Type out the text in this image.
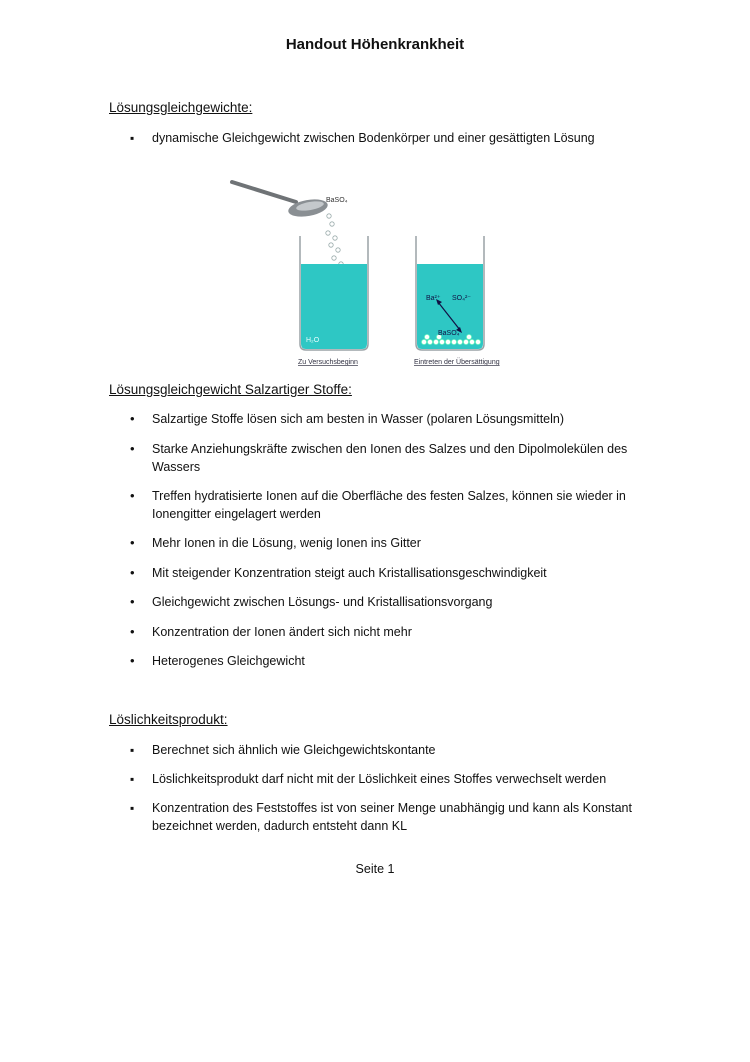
Handout Höhenkrankheit
Lösungsgleichgewichte:
▪ dynamische Gleichgewicht zwischen Bodenkörper und einer gesättigten Lösung
BaSO₄
H₂O
Zu Versuchsbeginn
Ba²⁺ SO₄²⁻
BaSO₄
Eintreten der Übersättigung
Lösungsgleichgewicht Salzartiger Stoffe:
• Salzartige Stoffe lösen sich am besten in Wasser (polaren Lösungsmitteln)
• Starke Anziehungskräfte zwischen den Ionen des Salzes und den Dipolmolekülen des Wassers
• Treffen hydratisierte Ionen auf die Oberfläche des festen Salzes, können sie wieder in Ionengitter eingelagert werden
• Mehr Ionen in die Lösung, wenig Ionen ins Gitter
• Mit steigender Konzentration steigt auch Kristallisationsgeschwindigkeit
• Gleichgewicht zwischen Lösungs- und Kristallisationsvorgang
• Konzentration der Ionen ändert sich nicht mehr
• Heterogenes Gleichgewicht
Löslichkeitsprodukt:
▪ Berechnet sich ähnlich wie Gleichgewichtskontante
▪ Löslichkeitsprodukt darf nicht mit der Löslichkeit eines Stoffes verwechselt werden
▪ Konzentration des Feststoffes ist von seiner Menge unabhängig und kann als Konstant bezeichnet werden, dadurch entsteht dann KL
Seite 1
